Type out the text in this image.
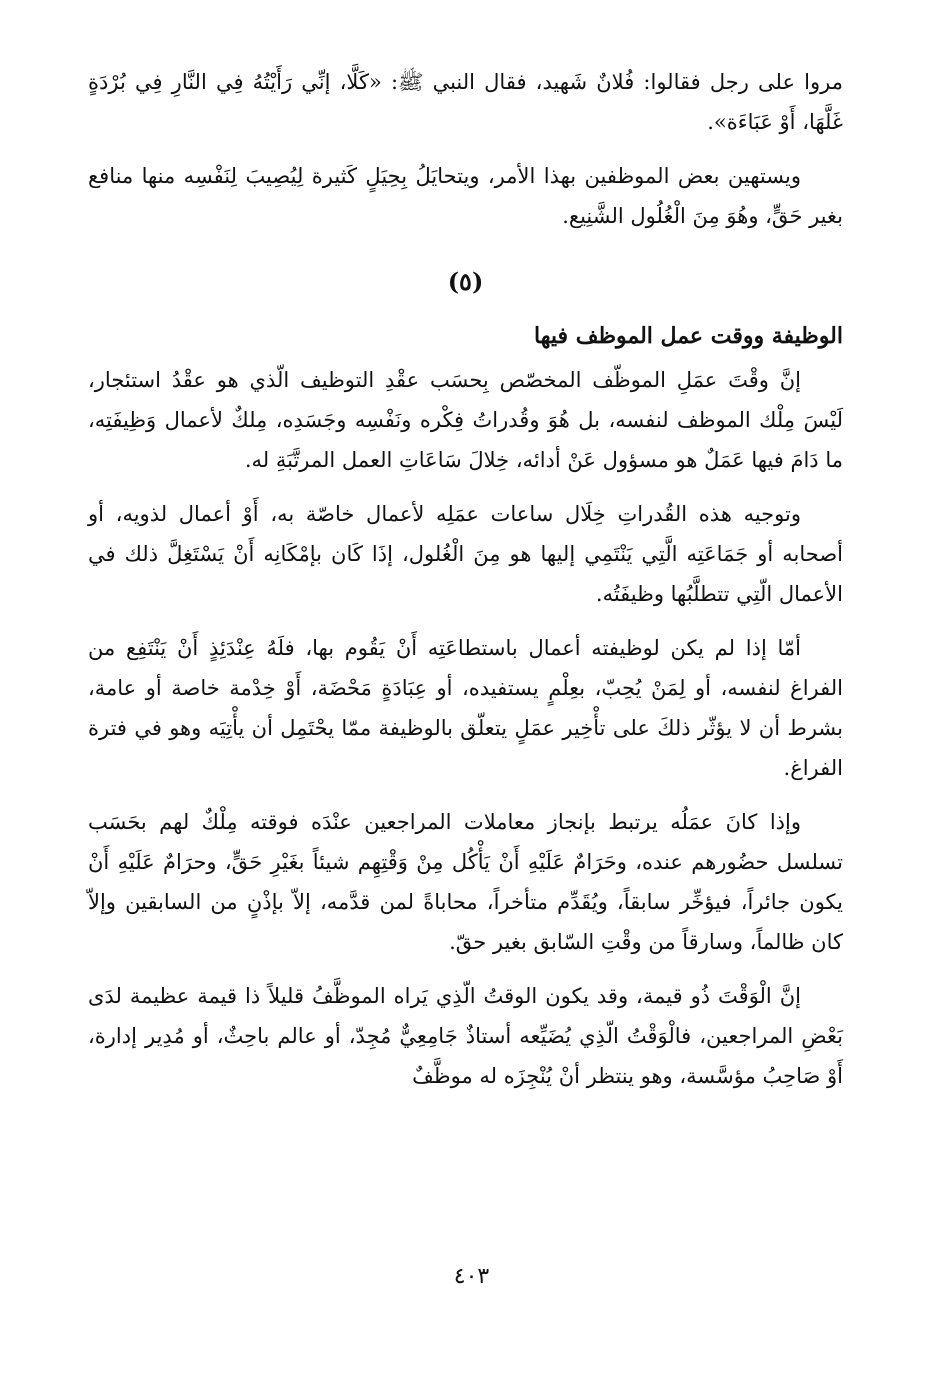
مروا على رجل فقالوا: فُلانٌ شَهيد، فقال النبي ﷺ: «كَلَّا، إنِّي رَأَيْتُهُ فِي النَّارِ فِي بُرْدَةٍ غَلَّهَا، أَوْ عَبَاءَة».

ويستهين بعض الموظفين بهذا الأمر، ويتحايَلُ بِحِيَلٍ كَثيرة لِيُصِيبَ لِنَفْسِه منها منافع بغير حَقٍّ، وهُوَ مِنَ الْغُلُول الشَّنِيع.

(٥)
الوظيفة ووقت عمل الموظف فيها

إنَّ وقْتَ عمَلِ الموظّف المخصّص بِحسَب عقْدِ التوظيف الّذي هو عقْدُ استئجار، لَيْسَ مِلْك الموظف لنفسه، بل هُوَ وقُدراتُ فِكْره ونَفْسِه وجَسَدِه، مِلكٌ لأعمال وَظِيفَتِه، ما دَامَ فيها عَمَلٌ هو مسؤول عَنْ أدائه، خِلالَ سَاعَاتِ العمل المرتَّبَةِ له.

وتوجيه هذه القُدراتِ خِلَال ساعات عمَلِه لأعمال خاصّة به، أَوْ أعمال لذويه، أو أصحابه أو جَمَاعَتِه الَّتِي يَنْتَمِي إليها هو مِنَ الْغُلول، إذَا كَان بإمْكَانِه أَنْ يَسْتَغِلَّ ذلك في الأعمال الّتِي تتطلَّبُها وظيفَتُه.

أمّا إذا لم يكن لوظيفته أعمال باستطاعَتِه أَنْ يَقُوم بها، فلَهُ عِنْدَئِذٍ أَنْ يَنْتَفِع من الفراغ لنفسه، أو لِمَنْ يُحِبّ، بعِلْمٍ يستفيده، أو عِبَادَةٍ مَحْضَة، أَوْ خِدْمة خاصة أو عامة، بشرط أن لا يؤثّر ذلكَ على تأْخِير عمَلٍ يتعلّق بالوظيفة ممّا يحْتَمِل أن يأْتِيَه وهو في فترة الفراغ.

وإذا كانَ عمَلُه يرتبط بإنجاز معاملات المراجعين عنْدَه فوقته مِلْكٌ لهم بحَسَب تسلسل حضُورهم عنده، وحَرَامٌ عَلَيْهِ أَنْ يَأْكُل مِنْ وَقْتِهِم شيئاً بغَيْرِ حَقٍّ، وحرَامٌ عَلَيْهِ أَنْ يكون جائراً، فيؤخِّر سابقاً، ويُقَدِّم متأخراً، محاباةً لمن قدَّمه، إلاّ بإذْنٍ من السابقين وإلاّ كان ظالماً، وسارقاً من وقْتِ السّابق بغير حقّ.

إنَّ الْوَقْتَ ذُو قيمة، وقد يكون الوقتُ الّذِي يَراه الموظَّفُ قليلاً ذا قيمة عظيمة لدَى بَعْضِ المراجعين، فالْوَقْتُ الّذِي يُضَيِّعه أستاذٌ جَامِعِيٌّ مُجِدّ، أو عالم باحِثٌ، أو مُدِير إدارة، أَوْ صَاحِبُ مؤسَّسة، وهو ينتظر أنْ يُنْجِزَه له موظَّفٌ

٤٠٣
